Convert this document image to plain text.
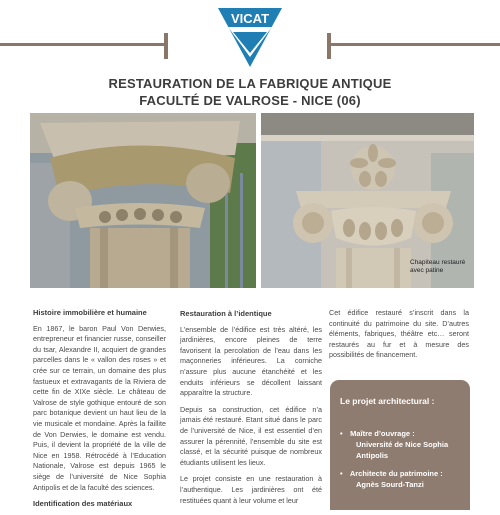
VICAT
RESTAURATION DE LA FABRIQUE ANTIQUE
FACULTÉ DE VALROSE - NICE (06)
Chapiteau restauré avec patine
Histoire immobilière et humaine

En 1867, le baron Paul Von Derwies, entrepreneur et financier russe, conseiller du tsar, Alexandre II, acquiert de grandes parcelles dans le « vallon des roses » et crée sur ce terrain, un domaine des plus fastueux et extravagants de la Riviera de cette fin de XIXe siècle. Le château de Valrose de style gothique entouré de son parc botanique devient un haut lieu de la vie musicale et mondaine. Après la faillite de Von Derwies, le domaine est vendu. Puis, il devient la propriété de la ville de Nice en 1958. Rétrocédé à l’Education Nationale, Valrose est depuis 1965 le siège de l’université de Nice Sophia Antipolis et de la faculté des sciences.

Identification des matériaux
Restauration à l’identique

L’ensemble de l’édifice est très altéré, les jardinières, encore pleines de terre favorisent la percolation de l’eau dans les maçonneries inférieures. La corniche n’assure plus aucune étanchéité et les enduits inférieurs se décollent laissant apparaître la structure.

Depuis sa construction, cet édifice n’a jamais été restauré. Etant situé dans le parc de l’université de Nice, il est essentiel d’en assurer la pérennité, l’ensemble du site est classé, et la sécurité puisque de nombreux étudiants utilisent les lieux.

Le projet consiste en une restauration à l’authentique. Les jardinières ont été restituées quant à leur volume et leur

Cet édifice restauré s’inscrit dans la continuité du patrimoine du site. D’autres éléments, fabriques, théâtre etc… seront restaurés au fur et à mesure des possibilités de financement.

Le projet architectural :
• Maître d’ouvrage :
Université de Nice Sophia Antipolis
• Architecte du patrimoine :
Agnès Sourd-Tanzi
